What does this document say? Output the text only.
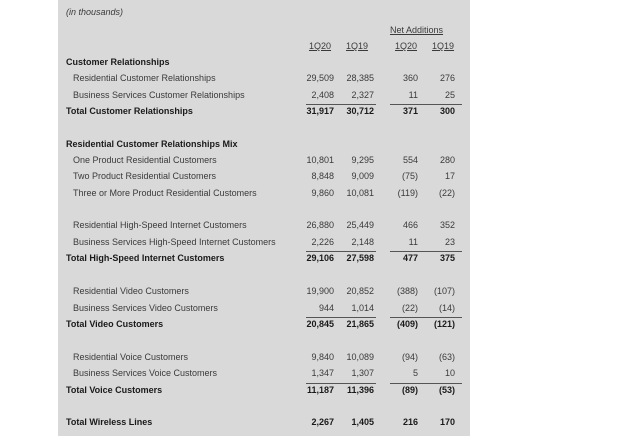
(in thousands)
Net Additions
1Q20 1Q19	1Q20 1Q19
Customer Relationships
Residential Customer Relationships	29,509	28,385	360	276
Business Services Customer Relationships	2,408	2,327	11	25
Total Customer Relationships	31,917	30,712	371	300
Residential Customer Relationships Mix
One Product Residential Customers	10,801	9,295	554	280
Two Product Residential Customers	8,848	9,009	(75)	17
Three or More Product Residential Customers	9,860	10,081	(119)	(22)
Residential High-Speed Internet Customers	26,880	25,449	466	352
Business Services High-Speed Internet Customers	2,226	2,148	11	23
Total High-Speed Internet Customers	29,106	27,598	477	375
Residential Video Customers	19,900	20,852	(388)	(107)
Business Services Video Customers	944	1,014	(22)	(14)
Total Video Customers	20,845	21,865	(409)	(121)
Residential Voice Customers	9,840	10,089	(94)	(63)
Business Services Voice Customers	1,347	1,307	5	10
Total Voice Customers	11,187	11,396	(89)	(53)
Total Wireless Lines	2,267	1,405	216	170
